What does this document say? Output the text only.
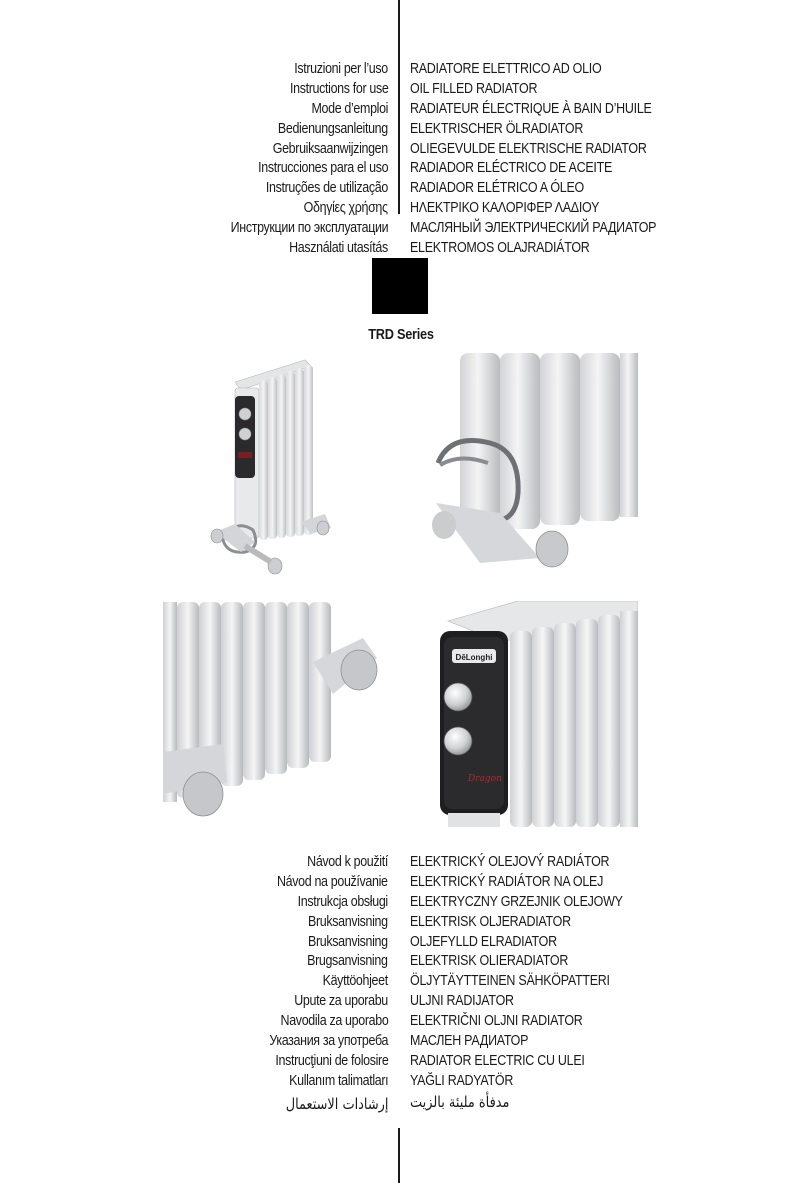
Istruzioni per l’uso RADIATORE ELETTRICO AD OLIO
Instructions for use OIL FILLED RADIATOR
Mode d’emploi RADIATEUR ÉLECTRIQUE À BAIN D’HUILE
Bedienungsanleitung ELEKTRISCHER ÖLRADIATOR
Gebruiksaanwijzingen OLIEGEVULDE ELEKTRISCHE RADIATOR
Instrucciones para el uso RADIADOR ELÉCTRICO DE ACEITE
Instruções de utilização RADIADOR ELÉTRICO A ÓLEO
Οδηγίες χρήσης ΗΛΕΚΤΡΙΚΟ ΚΑΛΟΡΙΦΕΡ ΛΑΔΙΟΥ
Инструкции по эксплуатации МАСЛЯНЫЙ ЭЛЕКТРИЧЕСКИЙ РАДИАТОР
Használati utasítás ELEKTROMOS OLAJRADIÁTOR
TRD Series
DēLonghi
Dragon
Návod k použití ELEKTRICKÝ OLEJOVÝ RADIÁTOR
Návod na používanie ELEKTRICKÝ RADIÁTOR NA OLEJ
Instrukcja obsługi ELEKTRYCZNY GRZEJNIK OLEJOWY
Bruksanvisning ELEKTRISK OLJERADIATOR
Bruksanvisning OLJEFYLLD ELRADIATOR
Brugsanvisning ELEKTRISK OLIERADIATOR
Käyttöohjeet ÖLJYTÄYTTEINEN SÄHKÖPATTERI
Upute za uporabu ULJNI RADIJATOR
Navodila za uporabo ELEKTRIČNI OLJNI RADIATOR
Указания за употреба МАСЛЕН РАДИАТОР
Instrucţiuni de folosire RADIATOR ELECTRIC CU ULEI
Kullanım talimatları YAĞLI RADYATÖR
إرشادات الاستعمال مدفأة مليئة بالزيت
